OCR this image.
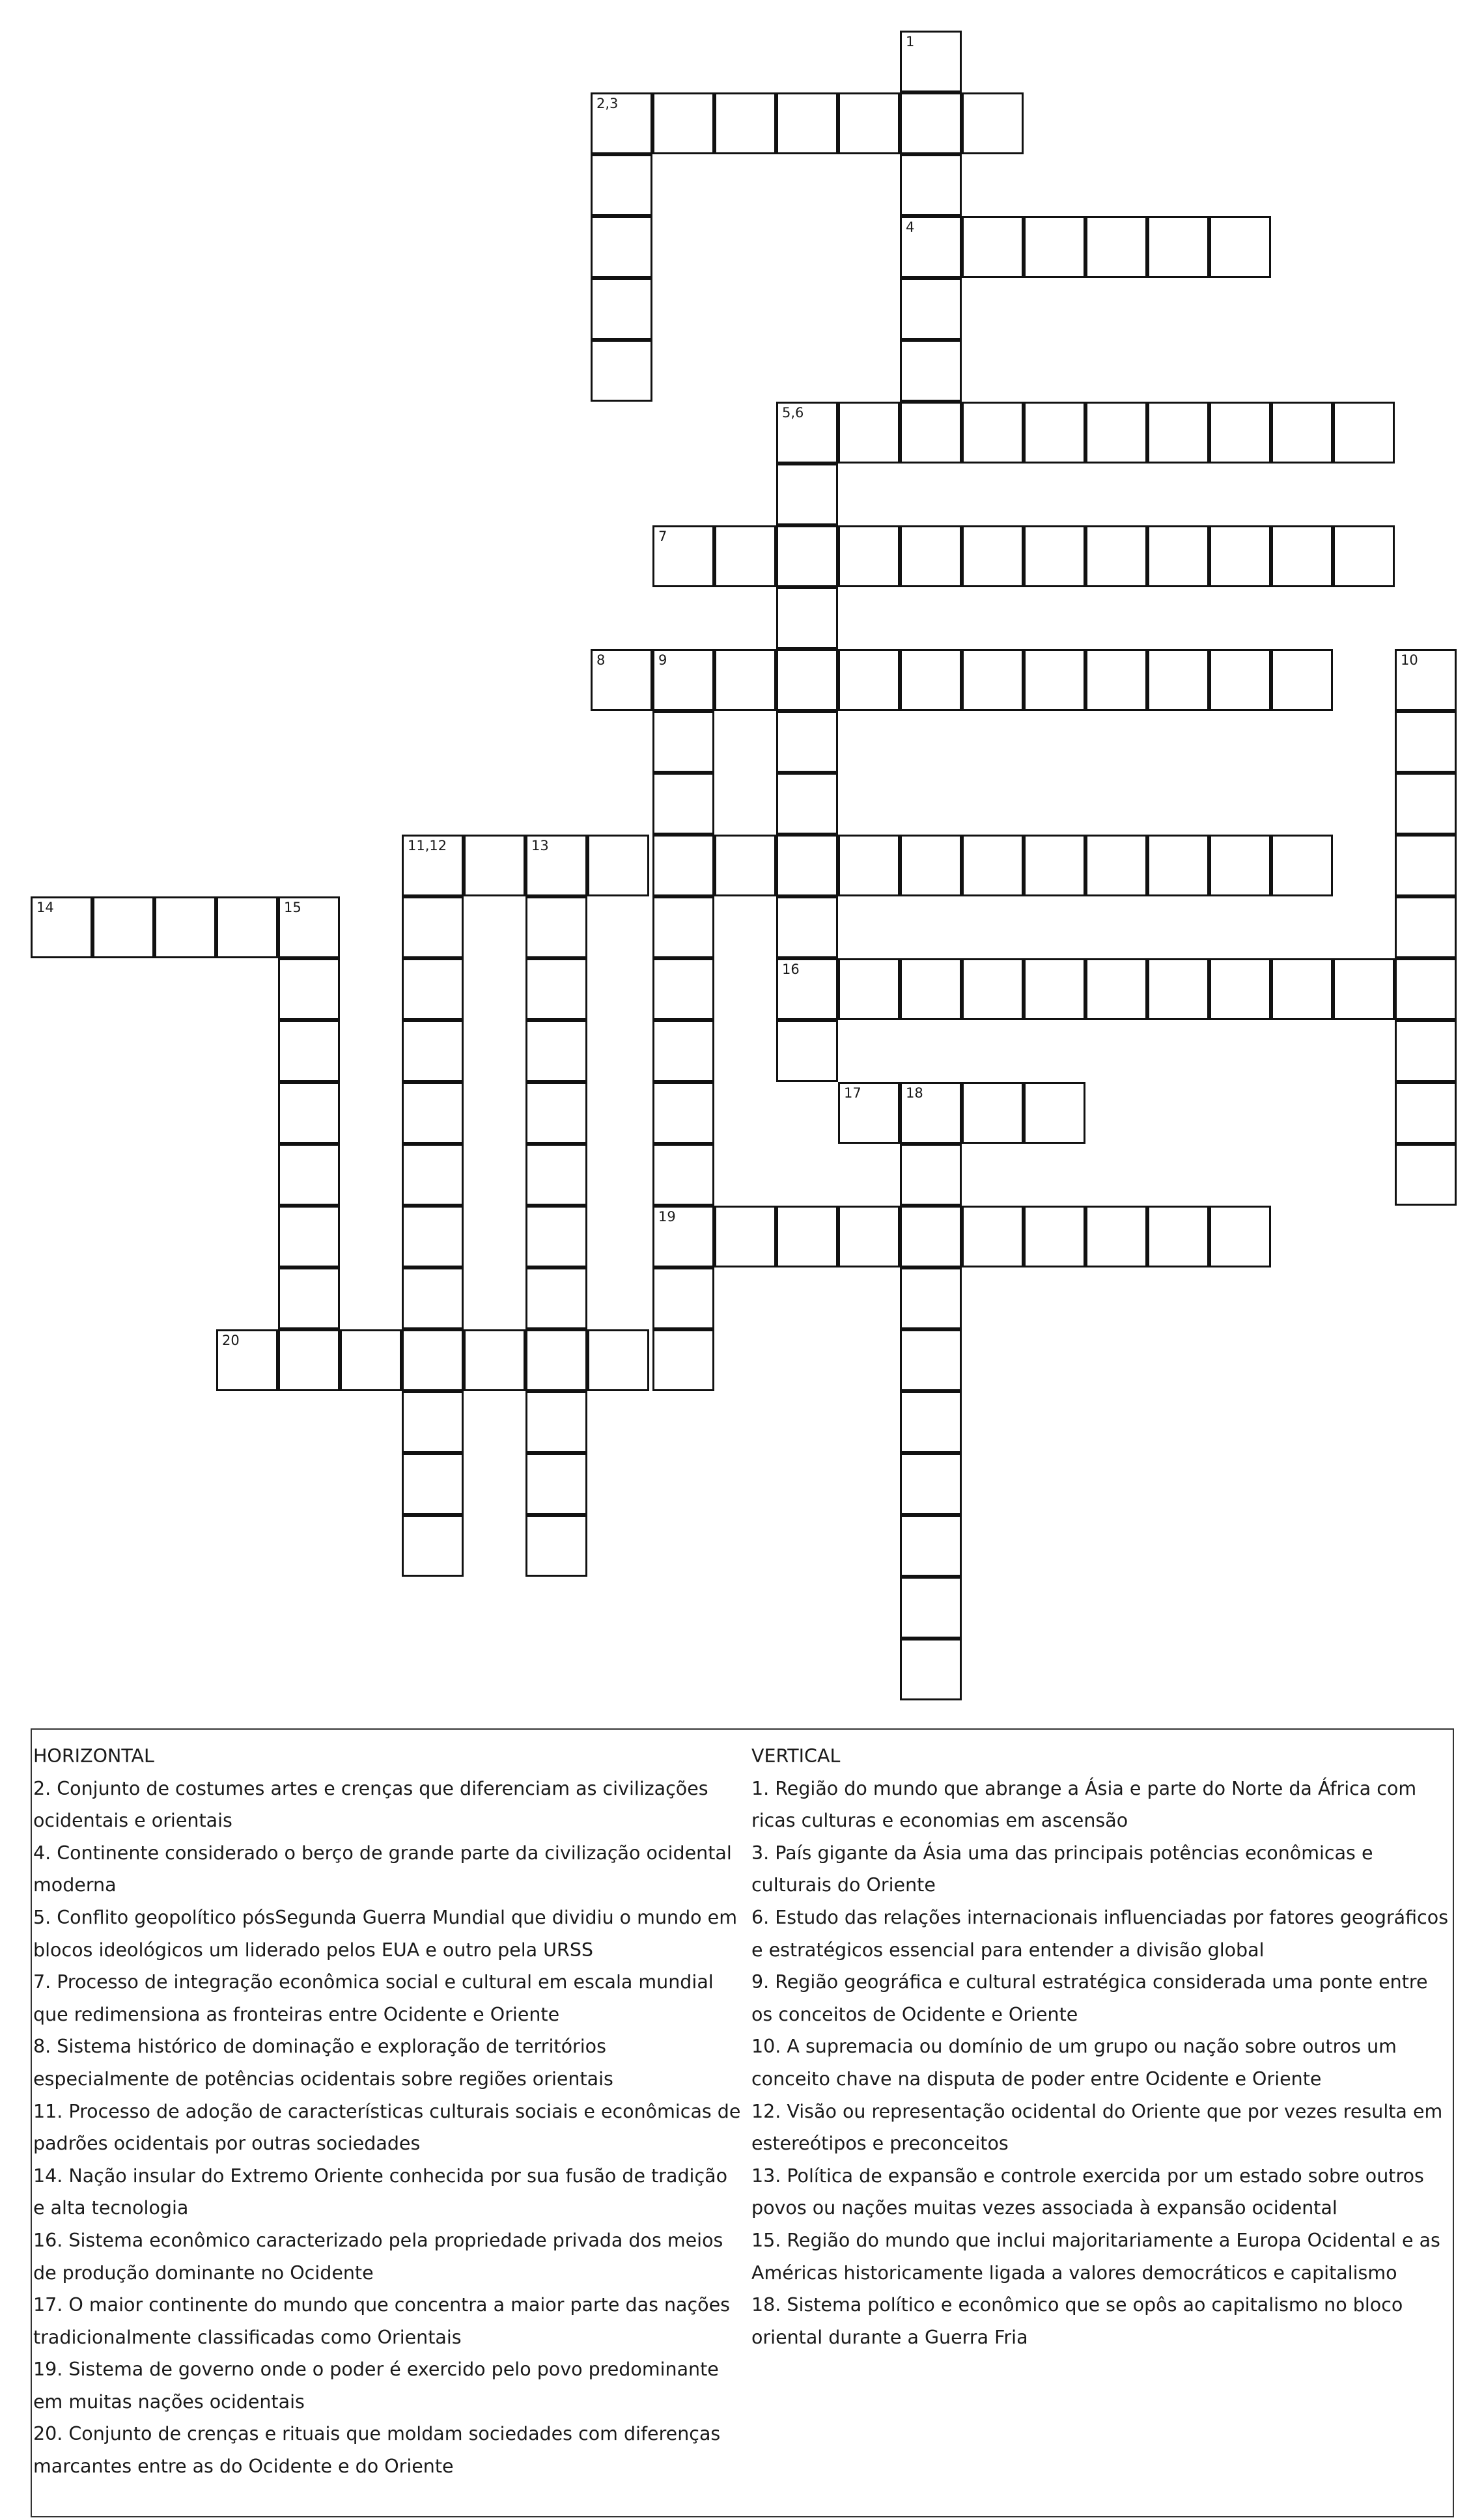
1
2,3
4
5,6
7
8	9	10
11,12	13
14	15
16
17	18
19
20

HORIZONTAL

2. Conjunto de costumes artes e crenças que diferenciam as civilizações ocidentais e orientais

4. Continente considerado o berço de grande parte da civilização ocidental moderna

5. Conflito geopolítico pósSegunda Guerra Mundial que dividiu o mundo em blocos ideológicos um liderado pelos EUA e outro pela URSS

7. Processo de integração econômica social e cultural em escala mundial que redimensiona as fronteiras entre Ocidente e Oriente

8. Sistema histórico de dominação e exploração de territórios especialmente de potências ocidentais sobre regiões orientais

11. Processo de adoção de características culturais sociais e econômicas de padrões ocidentais por outras sociedades

14. Nação insular do Extremo Oriente conhecida por sua fusão de tradição e alta tecnologia

16. Sistema econômico caracterizado pela propriedade privada dos meios de produção dominante no Ocidente

17. O maior continente do mundo que concentra a maior parte das nações tradicionalmente classificadas como Orientais

19. Sistema de governo onde o poder é exercido pelo povo predominante em muitas nações ocidentais

20. Conjunto de crenças e rituais que moldam sociedades com diferenças marcantes entre as do Ocidente e do Oriente

VERTICAL

1. Região do mundo que abrange a Ásia e parte do Norte da África com ricas culturas e economias em ascensão

3. País gigante da Ásia uma das principais potências econômicas e culturais do Oriente

6. Estudo das relações internacionais influenciadas por fatores geográficos e estratégicos essencial para entender a divisão global

9. Região geográfica e cultural estratégica considerada uma ponte entre os conceitos de Ocidente e Oriente

10. A supremacia ou domínio de um grupo ou nação sobre outros um conceito chave na disputa de poder entre Ocidente e Oriente

12. Visão ou representação ocidental do Oriente que por vezes resulta em estereótipos e preconceitos

13. Política de expansão e controle exercida por um estado sobre outros povos ou nações muitas vezes associada à expansão ocidental

15. Região do mundo que inclui majoritariamente a Europa Ocidental e as Américas historicamente ligada a valores democráticos e capitalismo

18. Sistema político e econômico que se opôs ao capitalismo no bloco oriental durante a Guerra Fria
